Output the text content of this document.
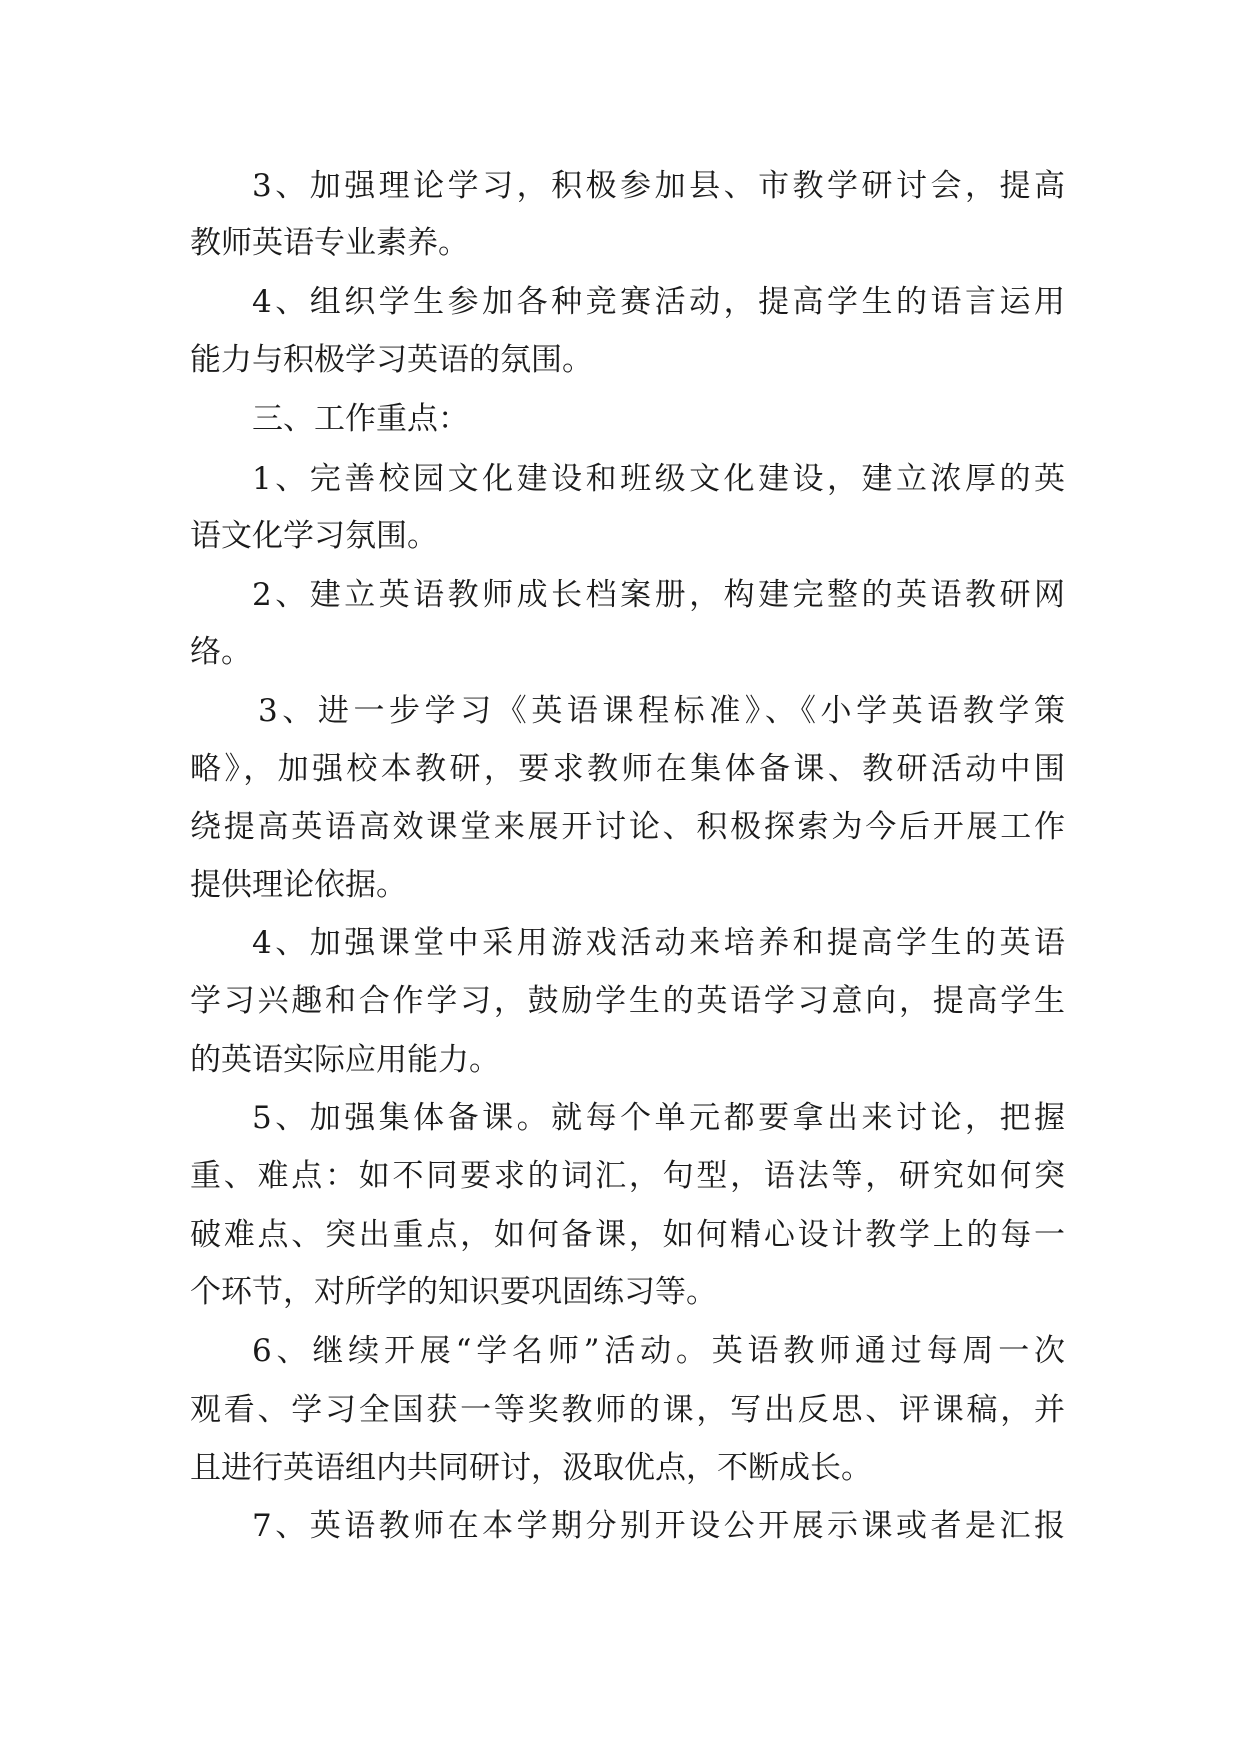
3、加强理论学习，积极参加县、市教学研讨会，提高
教师英语专业素养。
4、组织学生参加各种竞赛活动，提高学生的语言运用
能力与积极学习英语的氛围。
三、工作重点：
1、完善校园文化建设和班级文化建设，建立浓厚的英
语文化学习氛围。
2、建立英语教师成长档案册，构建完整的英语教研网
络。
3、进一步学习《英语课程标准》、《小学英语教学策
略》，加强校本教研，要求教师在集体备课、教研活动中围
绕提高英语高效课堂来展开讨论、积极探索为今后开展工作
提供理论依据。
4、加强课堂中采用游戏活动来培养和提高学生的英语
学习兴趣和合作学习，鼓励学生的英语学习意向，提高学生
的英语实际应用能力。
5、加强集体备课。就每个单元都要拿出来讨论，把握
重、难点：如不同要求的词汇，句型，语法等，研究如何突
破难点、突出重点，如何备课，如何精心设计教学上的每一
个环节，对所学的知识要巩固练习等。
6、继续开展“学名师”活动。英语教师通过每周一次
观看、学习全国获一等奖教师的课，写出反思、评课稿，并
且进行英语组内共同研讨，汲取优点，不断成长。
7、英语教师在本学期分别开设公开展示课或者是汇报
